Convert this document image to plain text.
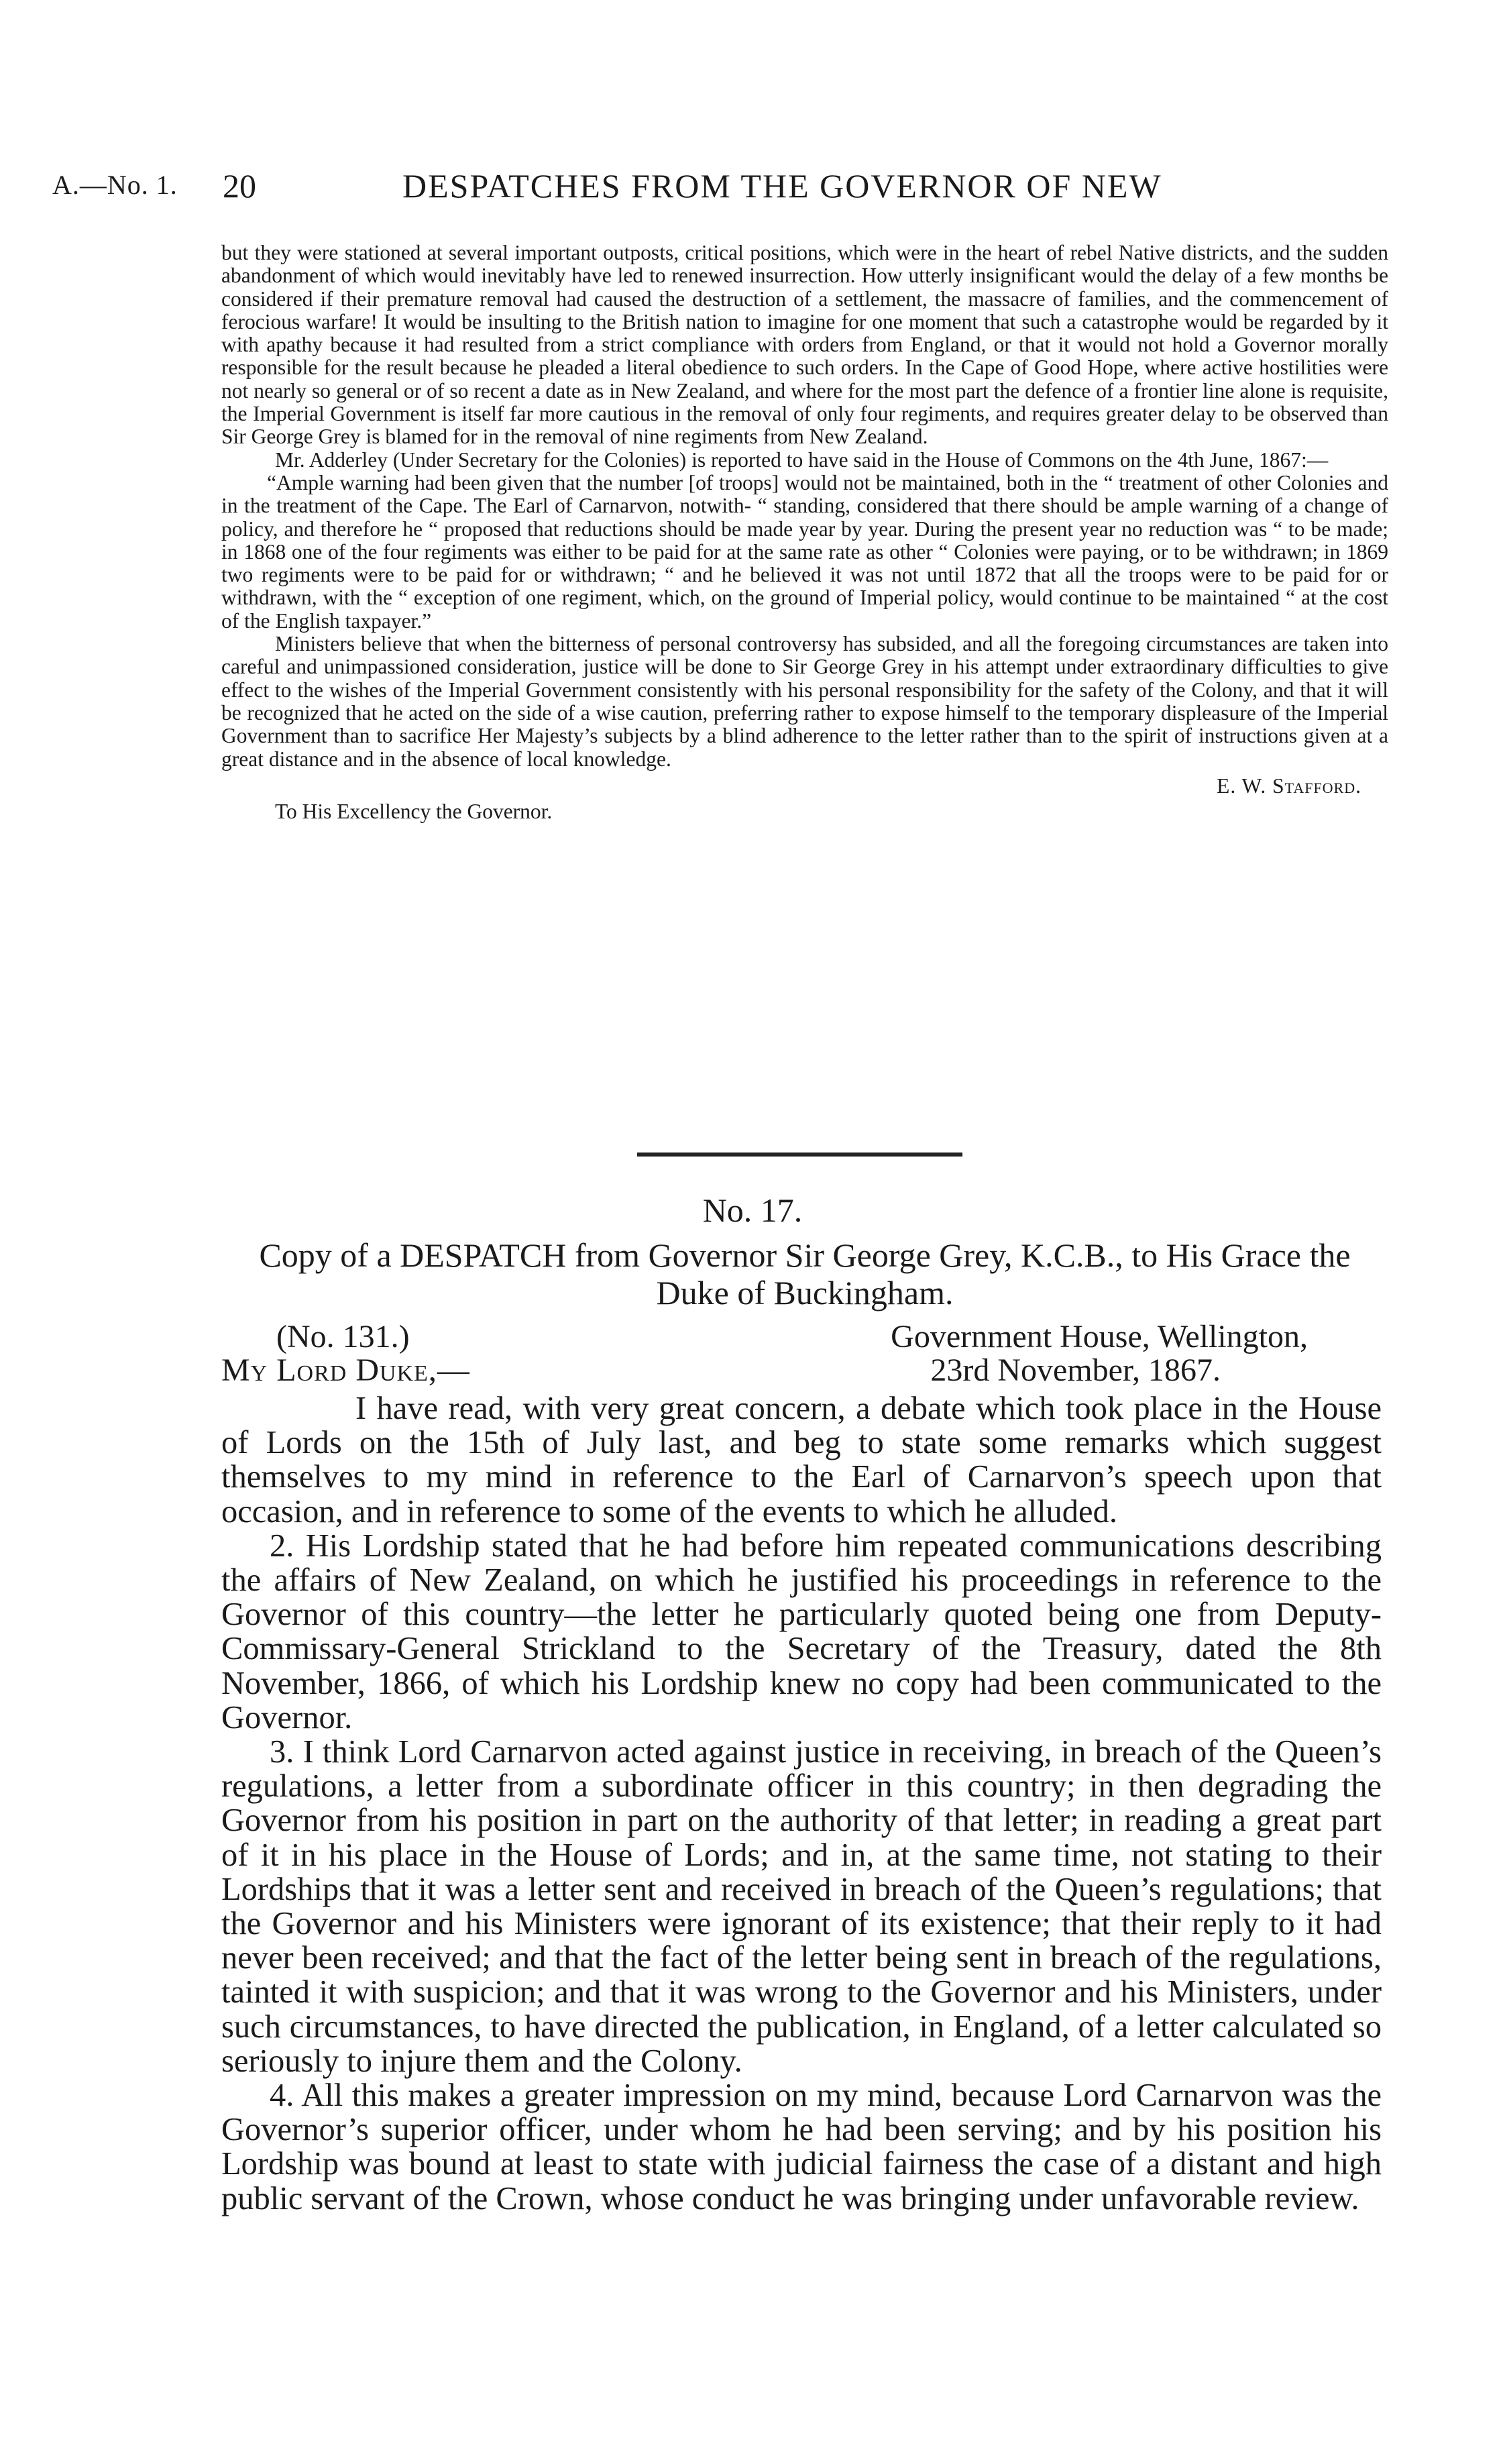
A.—No. 1. 20	DESPATCHES FROM THE GOVERNOR OF NEW

but they were stationed at several important outposts, critical positions, which were in the heart of rebel Native districts, and the sudden abandonment of which would inevitably have led to renewed insurrection. How utterly insignificant would the delay of a few months be considered if their premature removal had caused the destruction of a settlement, the massacre of families, and the commencement of ferocious warfare! It would be insulting to the British nation to imagine for one moment that such a catastrophe would be regarded by it with apathy because it had resulted from a strict compliance with orders from England, or that it would not hold a Governor morally responsible for the result because he pleaded a literal obedience to such orders. In the Cape of Good Hope, where active hostilities were not nearly so general or of so recent a date as in New Zealand, and where for the most part the defence of a frontier line alone is requisite, the Imperial Government is itself far more cautious in the removal of only four regiments, and requires greater delay to be observed than Sir George Grey is blamed for in the removal of nine regiments from New Zealand.

Mr. Adderley (Under Secretary for the Colonies) is reported to have said in the House of Commons on the 4th June, 1867:—

“Ample warning had been given that the number [of troops] would not be maintained, both in the “ treatment of other Colonies and in the treatment of the Cape. The Earl of Carnarvon, notwith- “ standing, considered that there should be ample warning of a change of policy, and therefore he “ proposed that reductions should be made year by year. During the present year no reduction was “ to be made; in 1868 one of the four regiments was either to be paid for at the same rate as other “ Colonies were paying, or to be withdrawn; in 1869 two regiments were to be paid for or withdrawn; “ and he believed it was not until 1872 that all the troops were to be paid for or withdrawn, with the “ exception of one regiment, which, on the ground of Imperial policy, would continue to be maintained “ at the cost of the English taxpayer.”

Ministers believe that when the bitterness of personal controversy has subsided, and all the foregoing circumstances are taken into careful and unimpassioned consideration, justice will be done to Sir George Grey in his attempt under extraordinary difficulties to give effect to the wishes of the Imperial Government consistently with his personal responsibility for the safety of the Colony, and that it will be recognized that he acted on the side of a wise caution, preferring rather to expose himself to the temporary displeasure of the Imperial Government than to sacrifice Her Majesty’s subjects by a blind adherence to the letter rather than to the spirit of instructions given at a great distance and in the absence of local knowledge.

E. W. Stafford.

To His Excellency the Governor.

No. 17.
Copy of a DESPATCH from Governor Sir George Grey, K.C.B., to His Grace the Duke of Buckingham.
(No. 131.)	Government House, Wellington,
My Lord Duke,—	23rd November, 1867.

I have read, with very great concern, a debate which took place in the House of Lords on the 15th of July last, and beg to state some remarks which suggest themselves to my mind in reference to the Earl of Carnarvon’s speech upon that occasion, and in reference to some of the events to which he alluded.

2. His Lordship stated that he had before him repeated communications describing the affairs of New Zealand, on which he justified his proceedings in reference to the Governor of this country—the letter he particularly quoted being one from Deputy-Commissary-General Strickland to the Secretary of the Treasury, dated the 8th November, 1866, of which his Lordship knew no copy had been communicated to the Governor.

3. I think Lord Carnarvon acted against justice in receiving, in breach of the Queen’s regulations, a letter from a subordinate officer in this country; in then degrading the Governor from his position in part on the authority of that letter; in reading a great part of it in his place in the House of Lords; and in, at the same time, not stating to their Lordships that it was a letter sent and received in breach of the Queen’s regulations; that the Governor and his Ministers were ignorant of its existence; that their reply to it had never been received; and that the fact of the letter being sent in breach of the regulations, tainted it with suspicion; and that it was wrong to the Governor and his Ministers, under such circumstances, to have directed the publication, in England, of a letter calculated so seriously to injure them and the Colony.

4. All this makes a greater impression on my mind, because Lord Carnarvon was the Governor’s superior officer, under whom he had been serving; and by his position his Lordship was bound at least to state with judicial fairness the case of a distant and high public servant of the Crown, whose conduct he was bringing under unfavorable review.
